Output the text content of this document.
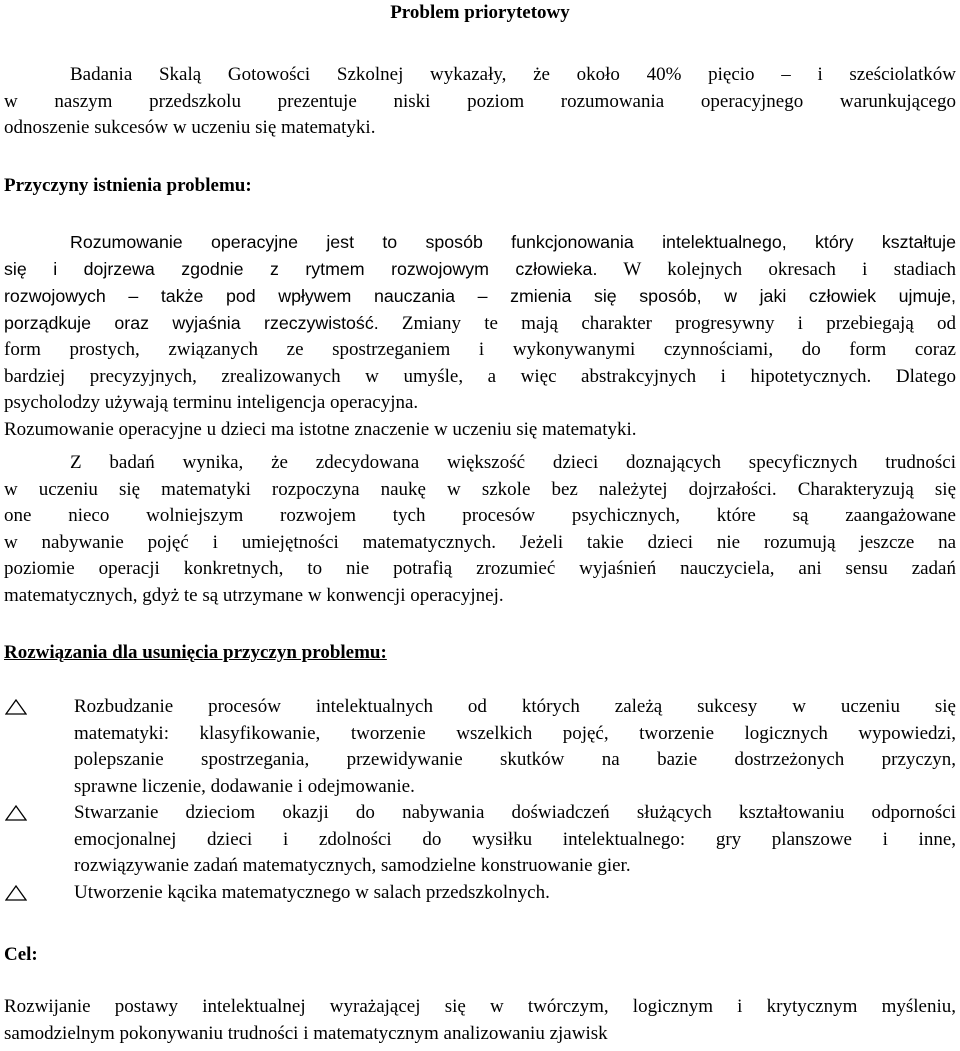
Problem priorytetowy

Badania Skalą Gotowości Szkolnej wykazały, że około 40% pięcio – i sześciolatków
w naszym przedszkolu prezentuje niski poziom rozumowania operacyjnego warunkującego
odnoszenie sukcesów w uczeniu się matematyki.

Przyczyny istnienia problemu:

Rozumowanie operacyjne jest to sposób funkcjonowania intelektualnego, który kształtuje
się i dojrzewa zgodnie z rytmem rozwojowym człowieka. W kolejnych okresach i stadiach
rozwojowych – także pod wpływem nauczania – zmienia się sposób, w jaki człowiek ujmuje,
porządkuje oraz wyjaśnia rzeczywistość. Zmiany te mają charakter progresywny i przebiegają od
form prostych, związanych ze spostrzeganiem i wykonywanymi czynnościami, do form coraz
bardziej precyzyjnych, zrealizowanych w umyśle, a więc abstrakcyjnych i hipotetycznych. Dlatego
psycholodzy używają terminu inteligencja operacyjna.
Rozumowanie operacyjne u dzieci ma istotne znaczenie w uczeniu się matematyki.

Z badań wynika, że zdecydowana większość dzieci doznających specyficznych trudności
w uczeniu się matematyki rozpoczyna naukę w szkole bez należytej dojrzałości. Charakteryzują się
one nieco wolniejszym rozwojem tych procesów psychicznych, które są zaangażowane
w nabywanie pojęć i umiejętności matematycznych. Jeżeli takie dzieci nie rozumują jeszcze na
poziomie operacji konkretnych, to nie potrafią zrozumieć wyjaśnień nauczyciela, ani sensu zadań
matematycznych, gdyż te są utrzymane w konwencji operacyjnej.

Rozwiązania dla usunięcia przyczyn problemu:

Rozbudzanie procesów intelektualnych od których zależą sukcesy w uczeniu się
matematyki: klasyfikowanie, tworzenie wszelkich pojęć, tworzenie logicznych wypowiedzi,
polepszanie spostrzegania, przewidywanie skutków na bazie dostrzeżonych przyczyn,
sprawne liczenie, dodawanie i odejmowanie.
Stwarzanie dzieciom okazji do nabywania doświadczeń służących kształtowaniu odporności
emocjonalnej dzieci i zdolności do wysiłku intelektualnego: gry planszowe i inne,
rozwiązywanie zadań matematycznych, samodzielne konstruowanie gier.
Utworzenie kącika matematycznego w salach przedszkolnych.

Cel:

Rozwijanie postawy intelektualnej wyrażającej się w twórczym, logicznym i krytycznym myśleniu,
samodzielnym pokonywaniu trudności i matematycznym analizowaniu zjawisk
